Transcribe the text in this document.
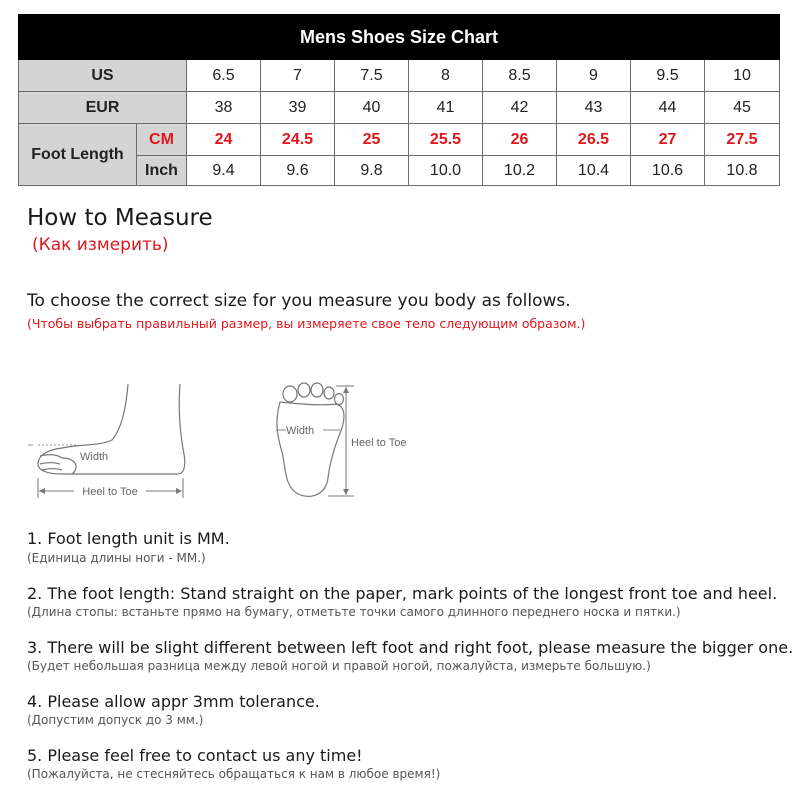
Mens Shoes Size Chart									
US		6.5	7	7.5	8	8.5	9	9.5	10
EUR		38	39	40	41	42	43	44	45
Foot Length	CM	24	24.5	25	25.5	26	26.5	27	27.5
	Inch	9.4	9.6	9.8	10.0	10.2	10.4	10.6	10.8

How to Measure

(Как измерить)

To choose the correct size for you measure you body as follows.

(Чтобы выбрать правильный размер, вы измеряете свое тело следующим образом.)

Width
Heel to Toe
Width
Heel to Toe

1. Foot length unit is MM.

(Единица длины ноги - ММ.)

2. The foot length: Stand straight on the paper, mark points of the longest front toe and heel.

(Длина стопы: встаньте прямо на бумагу, отметьте точки самого длинного переднего носка и пятки.)

3. There will be slight different between left foot and right foot, please measure the bigger one.

(Будет небольшая разница между левой ногой и правой ногой, пожалуйста, измерьте большую.)

4. Please allow appr 3mm tolerance.

(Допустим допуск до 3 мм.)

5. Please feel free to contact us any time!

(Пожалуйста, не стесняйтесь обращаться к нам в любое время!)
